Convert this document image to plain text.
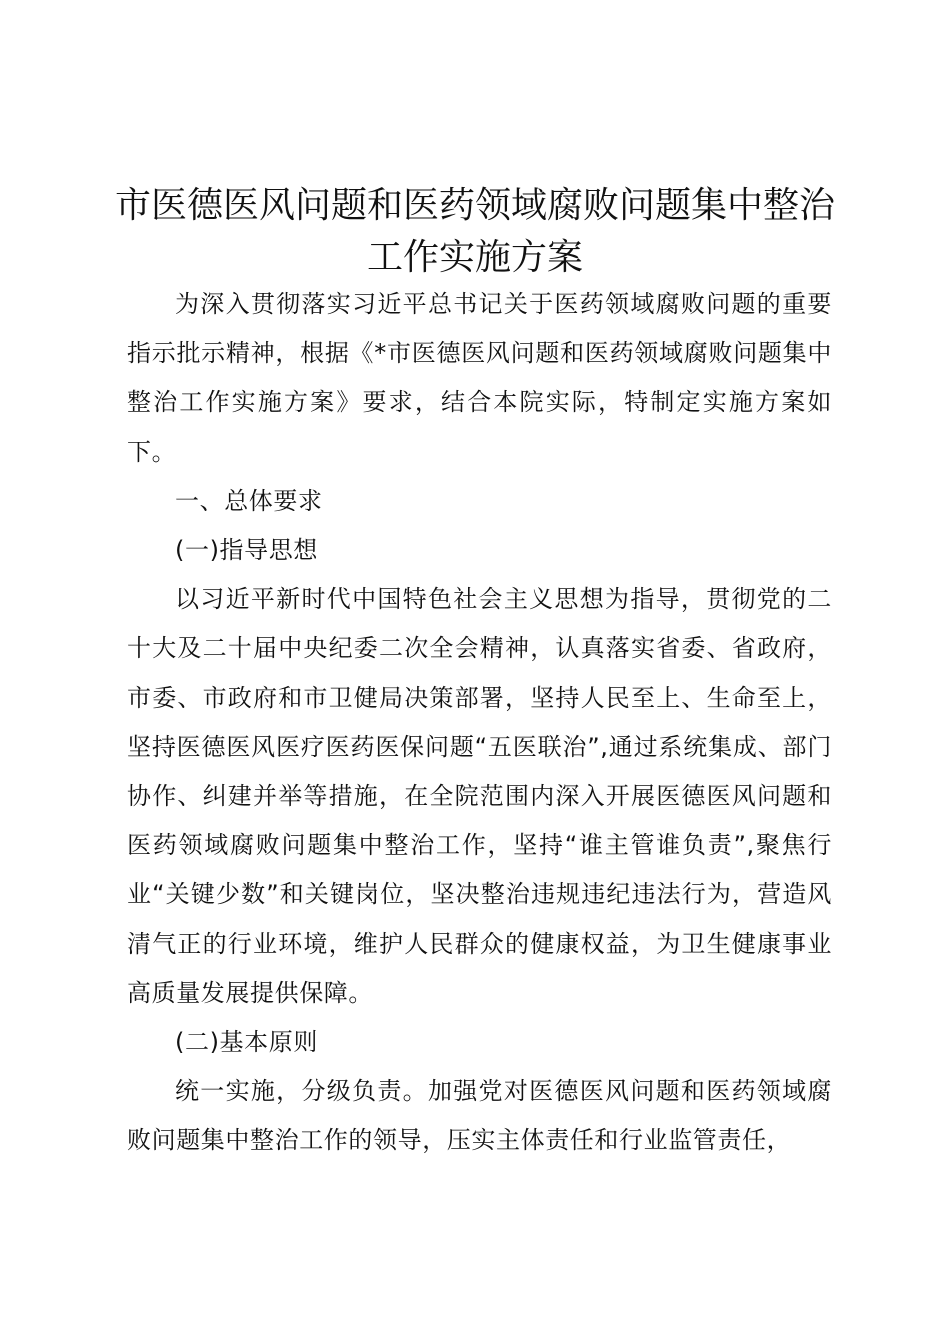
市医德医风问题和医药领域腐败问题集中整治
工作实施方案

为深入贯彻落实习近平总书记关于医药领域腐败问题的重要指示批示精神，根据《*市医德医风问题和医药领域腐败问题集中整治工作实施方案》要求，结合本院实际，特制定实施方案如下。

一、总体要求

(一)指导思想

以习近平新时代中国特色社会主义思想为指导，贯彻党的二十大及二十届中央纪委二次全会精神，认真落实省委、省政府，市委、市政府和市卫健局决策部署，坚持人民至上、生命至上，坚持医德医风医疗医药医保问题“五医联治”,通过系统集成、部门协作、纠建并举等措施，在全院范围内深入开展医德医风问题和医药领域腐败问题集中整治工作，坚持“谁主管谁负责”,聚焦行业“关键少数”和关键岗位，坚决整治违规违纪违法行为，营造风清气正的行业环境，维护人民群众的健康权益，为卫生健康事业高质量发展提供保障。

(二)基本原则

统一实施，分级负责。加强党对医德医风问题和医药领域腐败问题集中整治工作的领导，压实主体责任和行业监管责任，
